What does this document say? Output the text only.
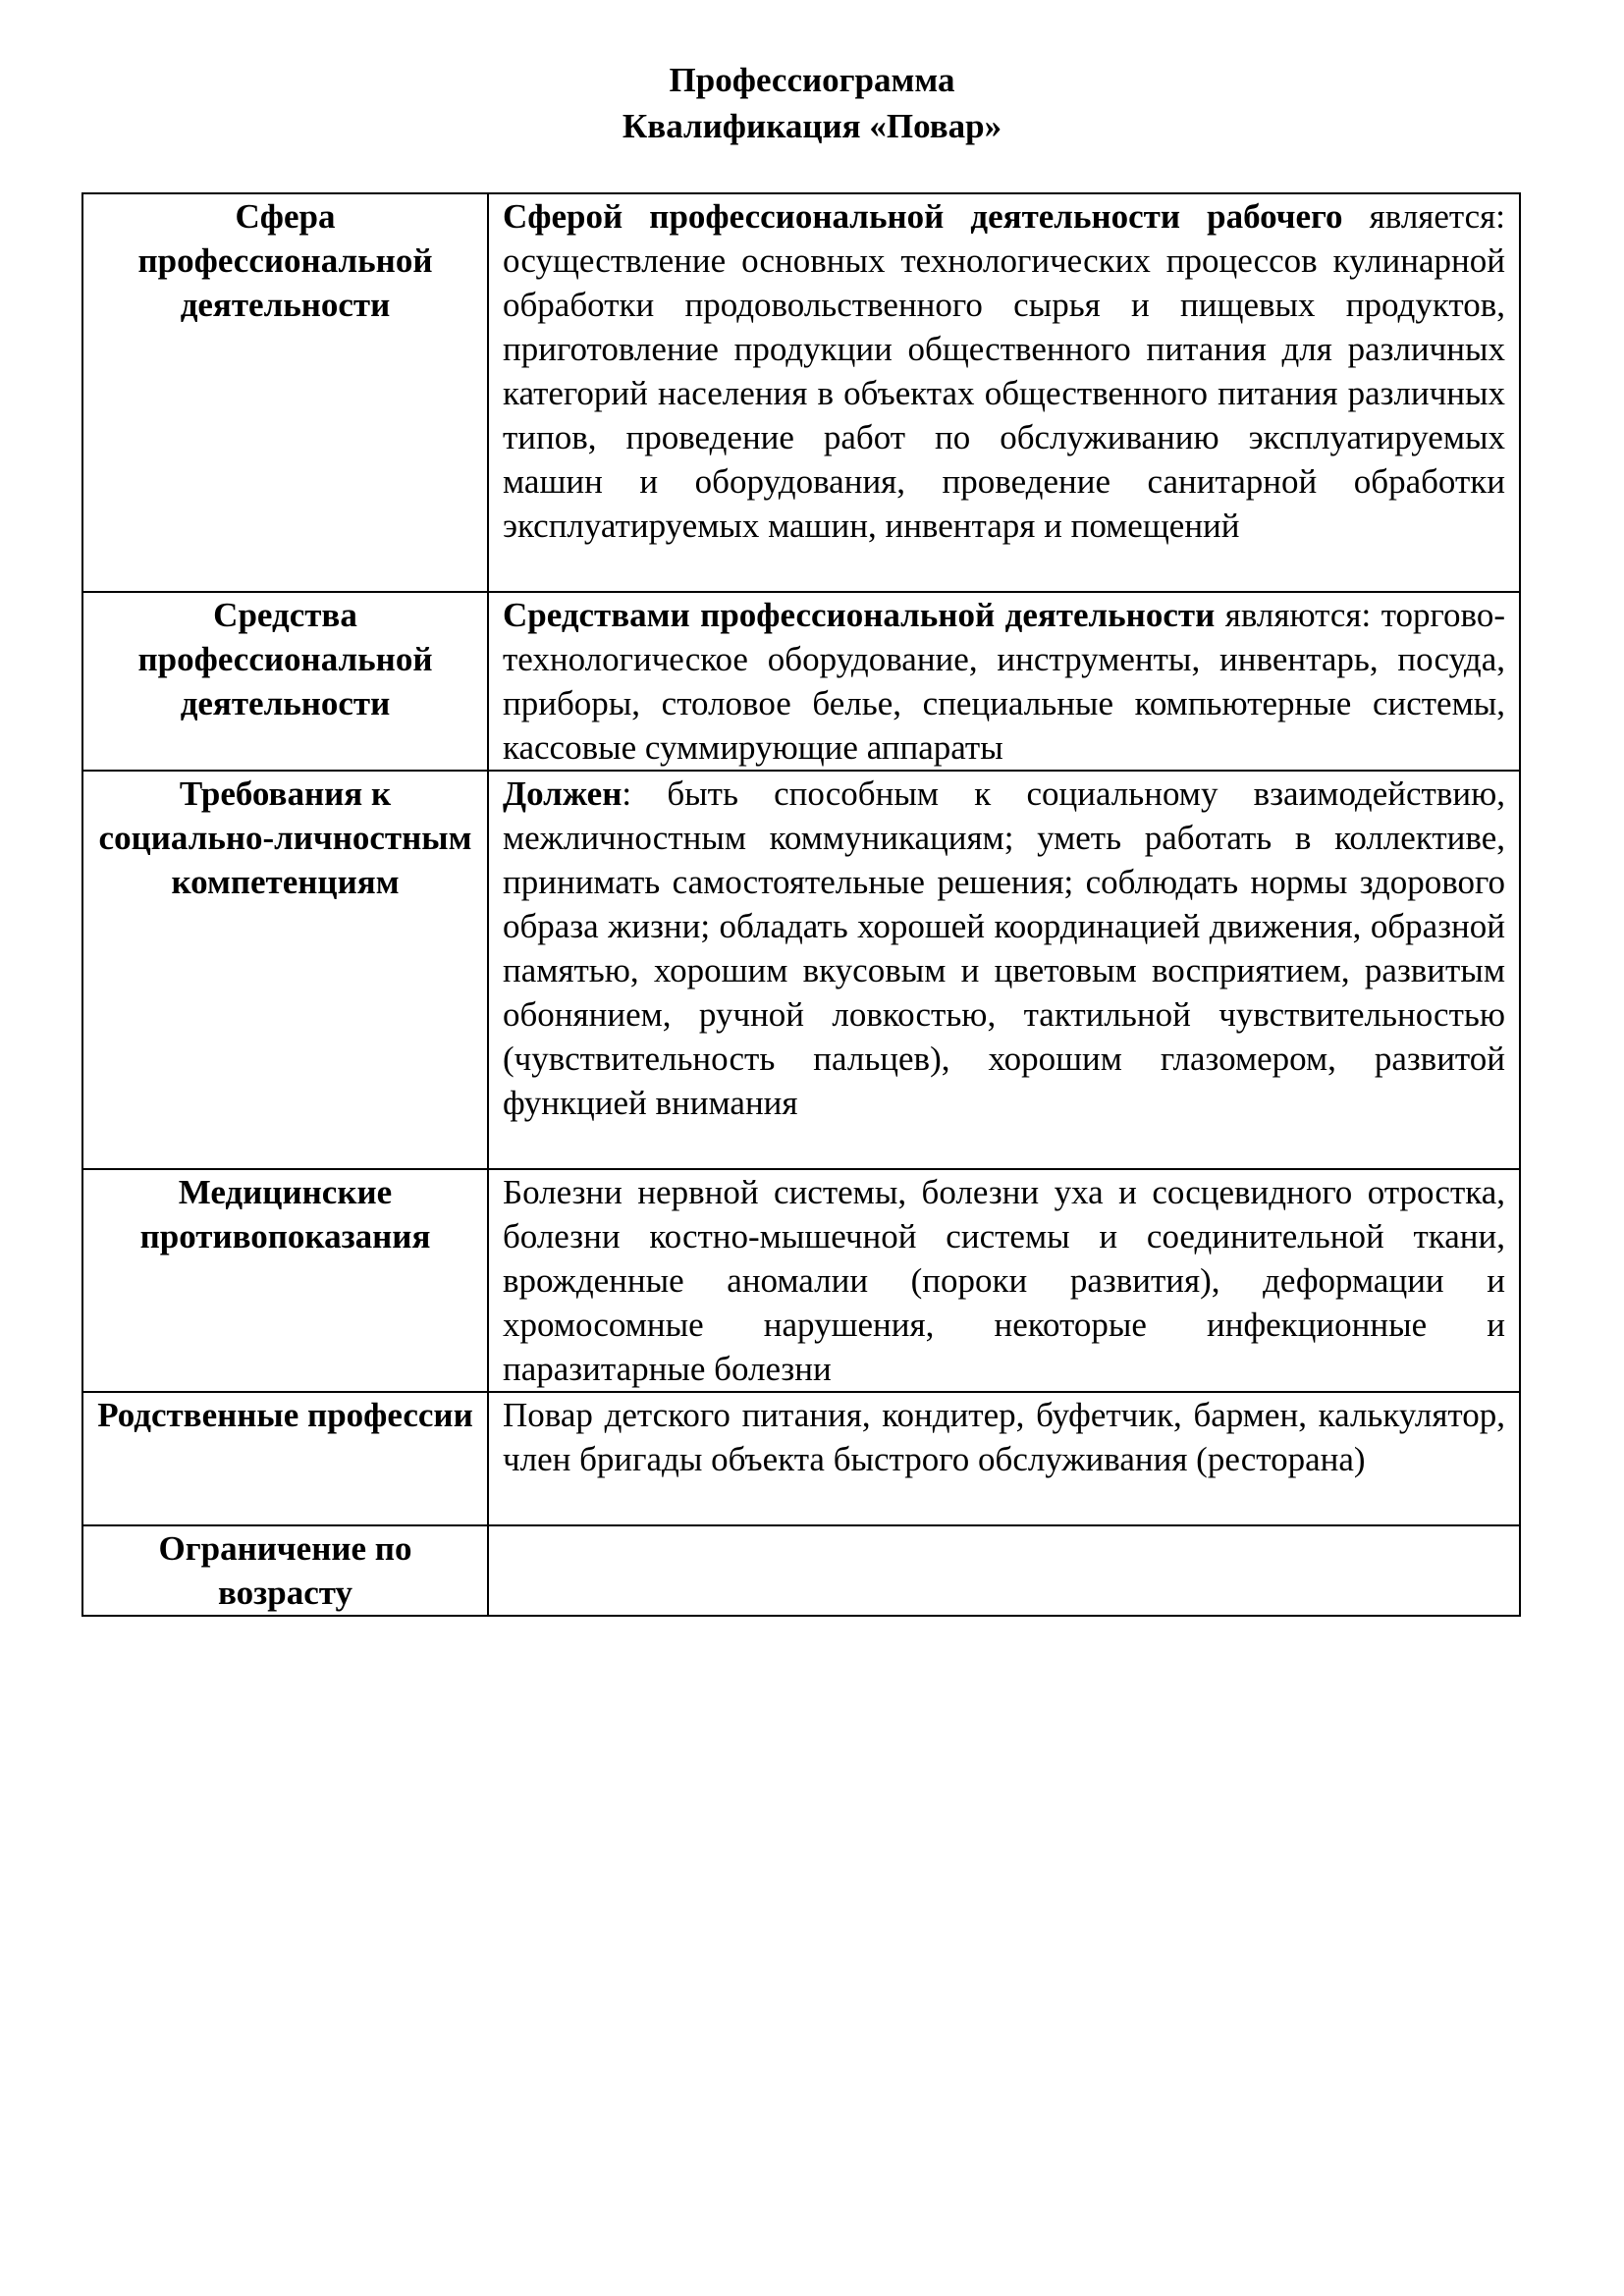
Профессиограмма
Квалификация «Повар»
Сфера профессиональной деятельности	Сферой профессиональной деятельности рабочего является: осуществление основных технологических процессов кулинарной обработки продовольственного сырья и пищевых продуктов, приготовление продукции общественного питания для различных категорий населения в объектах общественного питания различных типов, проведение работ по обслуживанию эксплуатируемых машин и оборудования, проведение санитарной обработки эксплуатируемых машин, инвентаря и помещений
Средства профессиональной деятельности	Средствами профессиональной деятельности являются: торгово-технологическое оборудование, инструменты, инвентарь, посуда, приборы, столовое белье, специальные компьютерные системы, кассовые суммирующие аппараты
Требования к социально-личностным компетенциям	Должен: быть способным к социальному взаимодействию, межличностным коммуникациям; уметь работать в коллективе, принимать самостоятельные решения; соблюдать нормы здорового образа жизни; обладать хорошей координацией движения, образной памятью, хорошим вкусовым и цветовым восприятием, развитым обонянием, ручной ловкостью, тактильной чувствительностью (чувствительность пальцев), хорошим глазомером, развитой функцией внимания
Медицинские противопоказания	Болезни нервной системы, болезни уха и сосцевидного отростка, болезни костно-мышечной системы и соединительной ткани, врожденные аномалии (пороки развития), деформации и хромосомные нарушения, некоторые инфекционные и паразитарные болезни
Родственные профессии	Повар детского питания, кондитер, буфетчик, бармен, калькулятор, член бригады объекта быстрого обслуживания (ресторана)
Ограничение по возрасту	
